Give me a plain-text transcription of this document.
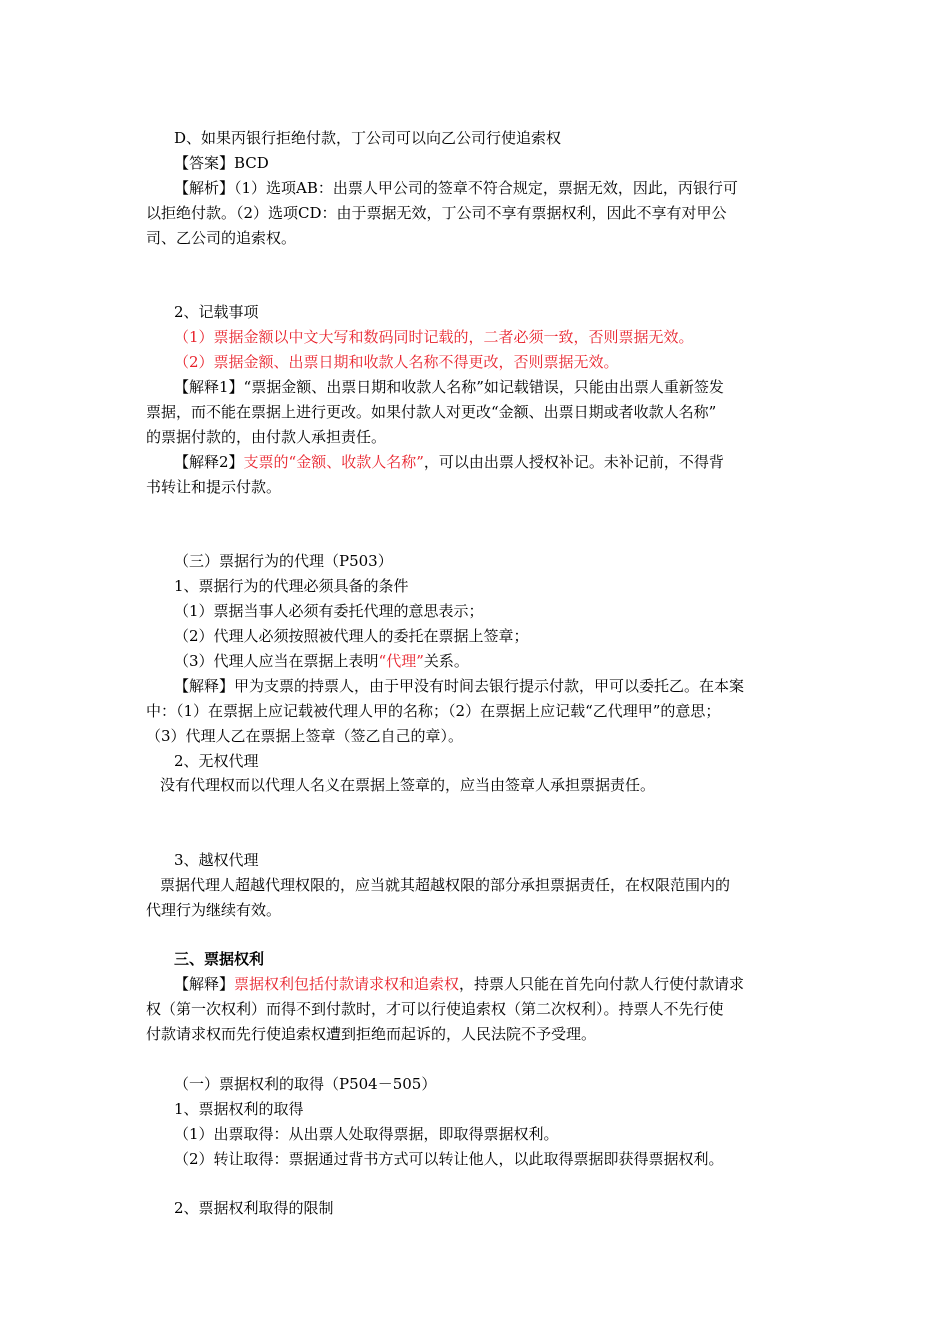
D、如果丙银行拒绝付款，丁公司可以向乙公司行使追索权
【答案】BCD
【解析】（1）选项AB：出票人甲公司的签章不符合规定，票据无效，因此，丙银行可
以拒绝付款。（2）选项CD：由于票据无效，丁公司不享有票据权利，因此不享有对甲公
司、乙公司的追索权。
2、记载事项
（1）票据金额以中文大写和数码同时记载的，二者必须一致，否则票据无效。
（2）票据金额、出票日期和收款人名称不得更改，否则票据无效。
【解释1】“票据金额、出票日期和收款人名称”如记载错误，只能由出票人重新签发
票据，而不能在票据上进行更改。如果付款人对更改“金额、出票日期或者收款人名称”
的票据付款的，由付款人承担责任。
【解释2】支票的“金额、收款人名称”，可以由出票人授权补记。未补记前，不得背
书转让和提示付款。
（三）票据行为的代理（P503）
1、票据行为的代理必须具备的条件
（1）票据当事人必须有委托代理的意思表示；
（2）代理人必须按照被代理人的委托在票据上签章；
（3）代理人应当在票据上表明“代理”关系。
【解释】甲为支票的持票人，由于甲没有时间去银行提示付款，甲可以委托乙。在本案
中：（1）在票据上应记载被代理人甲的名称；（2）在票据上应记载“乙代理甲”的意思；
（3）代理人乙在票据上签章（签乙自己的章）。
2、无权代理
没有代理权而以代理人名义在票据上签章的，应当由签章人承担票据责任。
3、越权代理
票据代理人超越代理权限的，应当就其超越权限的部分承担票据责任，在权限范围内的
代理行为继续有效。
三、票据权利
【解释】票据权利包括付款请求权和追索权，持票人只能在首先向付款人行使付款请求
权（第一次权利）而得不到付款时，才可以行使追索权（第二次权利）。持票人不先行使
付款请求权而先行使追索权遭到拒绝而起诉的，人民法院不予受理。
（一）票据权利的取得（P504－505）
1、票据权利的取得
（1）出票取得：从出票人处取得票据，即取得票据权利。
（2）转让取得：票据通过背书方式可以转让他人，以此取得票据即获得票据权利。
2、票据权利取得的限制
